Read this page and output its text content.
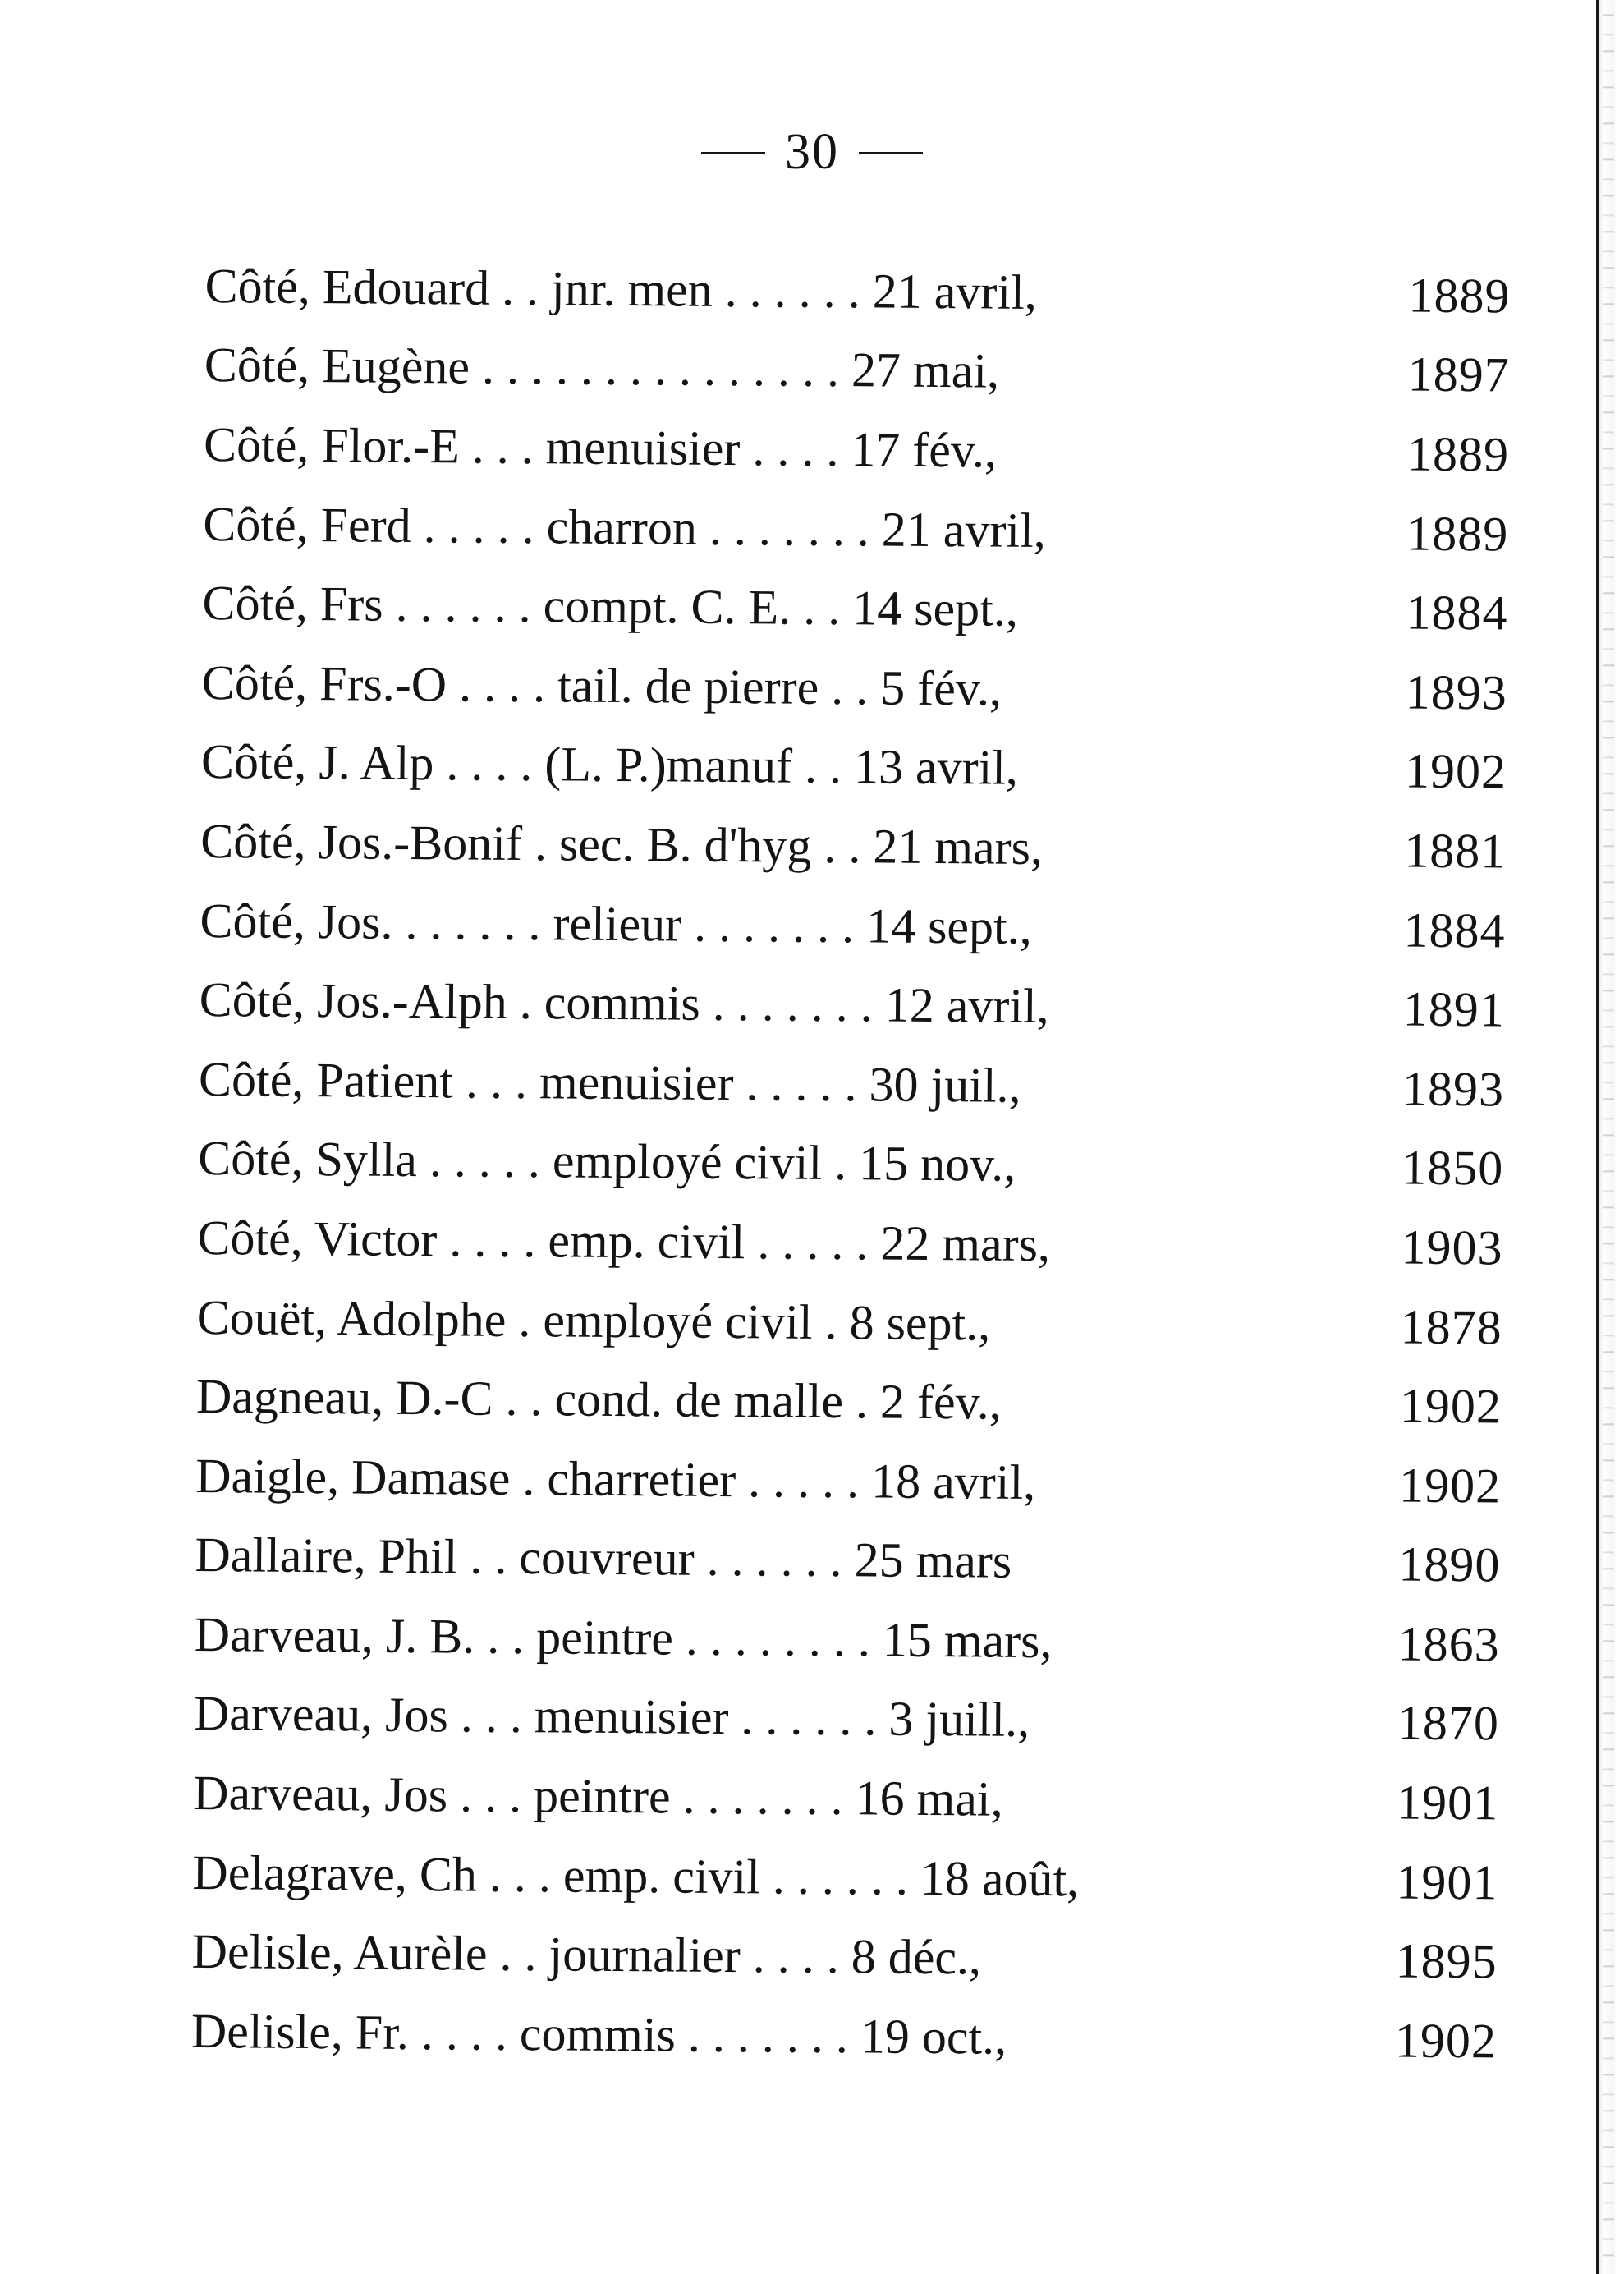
30
Côté, Edouard . . jnr. men . . . . . . 21 avril,	1889
Côté, Eugène . . . . . . . . . . . . . . . 27 mai,	1897
Côté, Flor.-E . . . menuisier . . . . 17 fév.,	1889
Côté, Ferd . . . . . charron . . . . . . . 21 avril,	1889
Côté, Frs . . . . . . compt. C. E. . . 14 sept.,	1884
Côté, Frs.-O . . . . tail. de pierre . . 5 fév.,	1893
Côté, J. Alp . . . . (L. P.)manuf . . 13 avril,	1902
Côté, Jos.-Bonif . sec. B. d'hyg . . 21 mars,	1881
Côté, Jos. . . . . . . relieur . . . . . . . 14 sept.,	1884
Côté, Jos.-Alph . commis . . . . . . . 12 avril,	1891
Côté, Patient . . . menuisier . . . . . 30 juil.,	1893
Côté, Sylla . . . . . employé civil . 15 nov.,	1850
Côté, Victor . . . . emp. civil . . . . . 22 mars,	1903
Couët, Adolphe . employé civil . 8 sept.,	1878
Dagneau, D.-C . . cond. de malle . 2 fév.,	1902
Daigle, Damase . charretier . . . . . 18 avril,	1902
Dallaire, Phil . . couvreur . . . . . . 25 mars	1890
Darveau, J. B. . . peintre . . . . . . . . 15 mars,	1863
Darveau, Jos . . . menuisier . . . . . . 3 juill.,	1870
Darveau, Jos . . . peintre . . . . . . . 16 mai,	1901
Delagrave, Ch . . . emp. civil . . . . . . 18 août,	1901
Delisle, Aurèle . . journalier . . . . 8 déc.,	1895
Delisle, Fr. . . . . commis . . . . . . . 19 oct.,	1902
